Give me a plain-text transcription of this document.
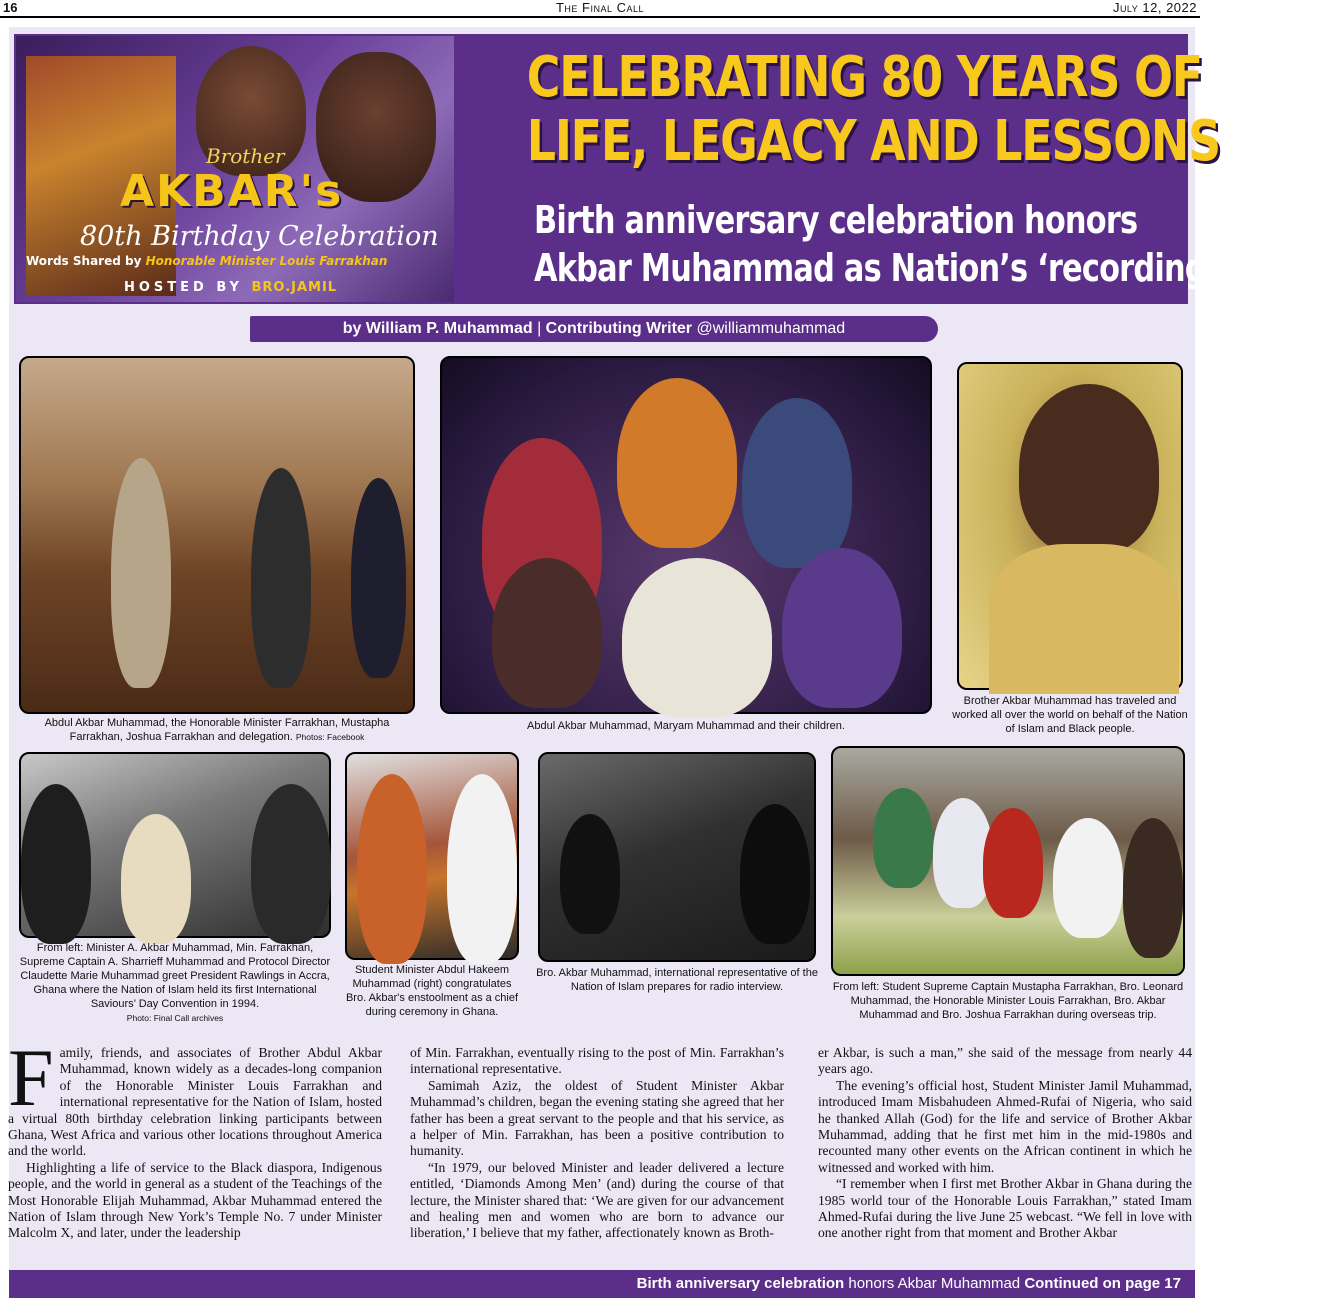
16	The Final Call	July 12, 2022
Brother
AKBAR's
80th Birthday Celebration
Words Shared by Honorable Minister Louis Farrakhan
HOSTED BY BRO.JAMIL
CELEBRATING 80 YEARS OF
LIFE, LEGACY AND LESSONS
Birth anniversary celebration honors
Akbar Muhammad as Nation’s ‘recording angel’
by William P. Muhammad | Contributing Writer @williammuhammad
Abdul Akbar Muhammad, the Honorable Minister Farrakhan, Mustapha Farrakhan, Joshua Farrakhan and delegation. Photos: Facebook
Abdul Akbar Muhammad, Maryam Muhammad and their children.
Brother Akbar Muhammad has traveled and worked all over the world on behalf of the Nation of Islam and Black people.
From left: Minister A. Akbar Muhammad, Min. Farrakhan, Supreme Captain A. Sharrieff Muhammad and Protocol Director Claudette Marie Muhammad greet President Rawlings in Accra, Ghana where the Nation of Islam held its first International Saviours’ Day Convention in 1994.
Photo: Final Call archives
Student Minister Abdul Hakeem Muhammad (right) congratulates Bro. Akbar's enstoolment as a chief during ceremony in Ghana.
Bro. Akbar Muhammad, international representative of the Nation of Islam prepares for radio interview.	From left: Student Supreme Captain Mustapha Farrakhan, Bro. Leonard Muhammad, the Honorable Minister Louis Farrakhan, Bro. Akbar Muhammad and Bro. Joshua Farrakhan during overseas trip.

Family, friends, and associates of Brother Abdul Akbar Muhammad, known widely as a decades-long companion of the Honorable Minister Louis Farrakhan and international representative for the Nation of Islam, hosted a virtual 80th birthday celebration linking participants between Ghana, West Africa and various other locations throughout America and the world.

Highlighting a life of service to the Black diaspora, Indigenous people, and the world in general as a student of the Teachings of the Most Honorable Elijah Muhammad, Akbar Muhammad entered the Nation of Islam through New York’s Temple No. 7 under Minister Malcolm X, and later, under the leadership

of Min. Farrakhan, eventually rising to the post of Min. Farrakhan’s international representative.

Samimah Aziz, the oldest of Student Minister Akbar Muhammad’s children, began the evening stating she agreed that her father has been a great servant to the people and that his service, as a helper of Min. Farrakhan, has been a positive contribution to humanity.

“In 1979, our beloved Minister and leader delivered a lecture entitled, ‘Diamonds Among Men’ (and) during the course of that lecture, the Minister shared that: ‘We are given for our advancement and healing men and women who are born to advance our liberation,’ I believe that my father, affectionately known as Broth-

er Akbar, is such a man,” she said of the message from nearly 44 years ago.

The evening’s official host, Student Minister Jamil Muhammad, introduced Imam Misbahudeen Ahmed-Rufai of Nigeria, who said he thanked Allah (God) for the life and service of Brother Akbar Muhammad, adding that he first met him in the mid-1980s and recounted many other events on the African continent in which he witnessed and worked with him.

“I remember when I first met Brother Akbar in Ghana during the 1985 world tour of the Honorable Louis Farrakhan,” stated Imam Ahmed-Rufai during the live June 25 webcast. “We fell in love with one another right from that moment and Brother Akbar

Birth anniversary celebration honors Akbar Muhammad Continued on page 17
